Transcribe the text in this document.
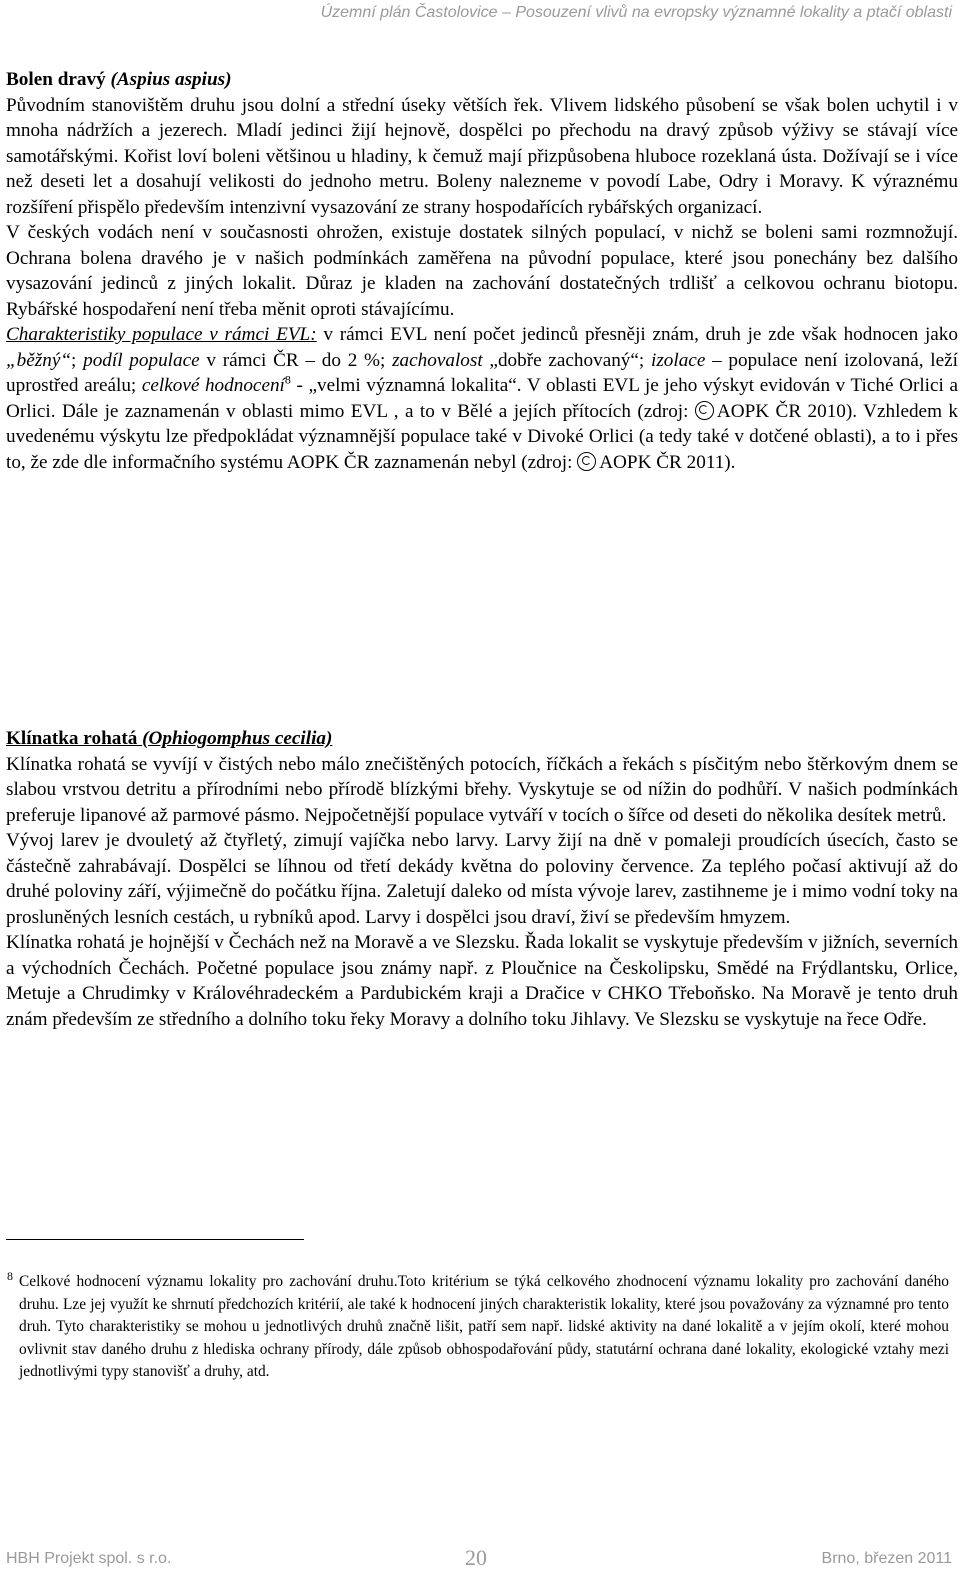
Územní plán Častolovice – Posouzení vlivů na evropsky významné lokality a ptačí oblasti

Bolen dravý (Aspius aspius)

Původním stanovištěm druhu jsou dolní a střední úseky větších řek. Vlivem lidského působení se však bolen uchytil i v mnoha nádržích a jezerech. Mladí jedinci žijí hejnově, dospělci po přechodu na dravý způsob výživy se stávají více samotářskými. Kořist loví boleni většinou u hladiny, k čemuž mají přizpůsobena hluboce rozeklaná ústa. Dožívají se i více než deseti let a dosahují velikosti do jednoho metru. Boleny nalezneme v povodí Labe, Odry i Moravy. K výraznému rozšíření přispělo především intenzivní vysazování ze strany hospodařících rybářských organizací.

V českých vodách není v současnosti ohrožen, existuje dostatek silných populací, v nichž se boleni sami rozmnožují. Ochrana bolena dravého je v našich podmínkách zaměřena na původní populace, které jsou ponechány bez dalšího vysazování jedinců z jiných lokalit. Důraz je kladen na zachování dostatečných trdlišť a celkovou ochranu biotopu. Rybářské hospodaření není třeba měnit oproti stávajícímu.

Charakteristiky populace v rámci EVL: v rámci EVL není počet jedinců přesněji znám, druh je zde však hodnocen jako „běžný“; podíl populace v rámci ČR – do 2 %; zachovalost „dobře zachovaný“; izolace – populace není izolovaná, leží uprostřed areálu; celkové hodnocení$^8$ - „velmi významná lokalita“. V oblasti EVL je jeho výskyt evidován v Tiché Orlici a Orlici. Dále je zaznamenán v oblasti mimo EVL , a to v Bělé a jejích přítocích (zdroj: AOPK ČR 2010). Vzhledem k uvedenému výskytu lze předpokládat významnější populace také v Divoké Orlici (a tedy také v dotčené oblasti), a to i přes to, že zde dle informačního systému AOPK ČR zaznamenán nebyl (zdroj: AOPK ČR 2011).

Klínatka rohatá (Ophiogomphus cecilia)

Klínatka rohatá se vyvíjí v čistých nebo málo znečištěných potocích, říčkách a řekách s písčitým nebo štěrkovým dnem se slabou vrstvou detritu a přírodními nebo přírodě blízkými břehy. Vyskytuje se od nížin do podhůří. V našich podmínkách preferuje lipanové až parmové pásmo. Nejpočetnější populace vytváří v tocích o šířce od deseti do několika desítek metrů.

Vývoj larev je dvouletý až čtyřletý, zimují vajíčka nebo larvy. Larvy žijí na dně v pomaleji proudících úsecích, často se částečně zahrabávají. Dospělci se líhnou od třetí dekády května do poloviny července. Za teplého počasí aktivují až do druhé poloviny září, výjimečně do počátku října. Zaletují daleko od místa vývoje larev, zastihneme je i mimo vodní toky na prosluněných lesních cestách, u rybníků apod. Larvy i dospělci jsou draví, živí se především hmyzem.

Klínatka rohatá je hojnější v Čechách než na Moravě a ve Slezsku. Řada lokalit se vyskytuje především v jižních, severních a východních Čechách. Početné populace jsou známy např. z Ploučnice na Českolipsku, Smědé na Frýdlantsku, Orlice, Metuje a Chrudimky v Královéhradeckém a Pardubickém kraji a Dračice v CHKO Třeboňsko. Na Moravě je tento druh znám především ze středního a dolního toku řeky Moravy a dolního toku Jihlavy. Ve Slezsku se vyskytuje na řece Odře.

8 Celkové hodnocení významu lokality pro zachování druhu.Toto kritérium se týká celkového zhodnocení významu lokality pro zachování daného druhu. Lze jej využít ke shrnutí předchozích kritérií, ale také k hodnocení jiných charakteristik lokality, které jsou považovány za významné pro tento druh. Tyto charakteristiky se mohou u jednotlivých druhů značně lišit, patří sem např. lidské aktivity na dané lokalitě a v jejím okolí, které mohou ovlivnit stav daného druhu z hlediska ochrany přírody, dále způsob obhospodařování půdy, statutární ochrana dané lokality, ekologické vztahy mezi jednotlivými typy stanovišť a druhy, atd.
HBH Projekt spol. s r.o.	20	Brno, březen 2011
